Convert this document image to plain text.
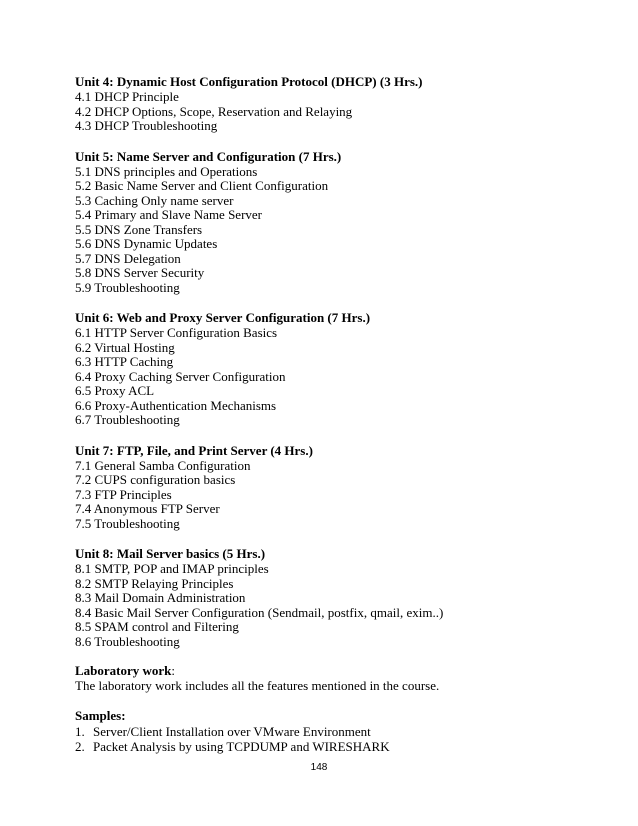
Unit 4: Dynamic Host Configuration Protocol (DHCP) (3 Hrs.)
4.1 DHCP Principle
4.2 DHCP Options, Scope, Reservation and Relaying
4.3 DHCP Troubleshooting
Unit 5: Name Server and Configuration (7 Hrs.)
5.1 DNS principles and Operations
5.2 Basic Name Server and Client Configuration
5.3 Caching Only name server
5.4 Primary and Slave Name Server
5.5 DNS Zone Transfers
5.6 DNS Dynamic Updates
5.7 DNS Delegation
5.8 DNS Server Security
5.9 Troubleshooting
Unit 6: Web and Proxy Server Configuration (7 Hrs.)
6.1 HTTP Server Configuration Basics
6.2 Virtual Hosting
6.3 HTTP Caching
6.4 Proxy Caching Server Configuration
6.5 Proxy ACL
6.6 Proxy-Authentication Mechanisms
6.7 Troubleshooting
Unit 7: FTP, File, and Print Server (4 Hrs.)
7.1 General Samba Configuration
7.2 CUPS configuration basics
7.3 FTP Principles
7.4 Anonymous FTP Server
7.5 Troubleshooting
Unit 8: Mail Server basics (5 Hrs.)
8.1 SMTP, POP and IMAP principles
8.2 SMTP Relaying Principles
8.3 Mail Domain Administration
8.4 Basic Mail Server Configuration (Sendmail, postfix, qmail, exim..)
8.5 SPAM control and Filtering
8.6 Troubleshooting
Laboratory work:
The laboratory work includes all the features mentioned in the course.
Samples:
1. Server/Client Installation over VMware Environment
2. Packet Analysis by using TCPDUMP and WIRESHARK
148
